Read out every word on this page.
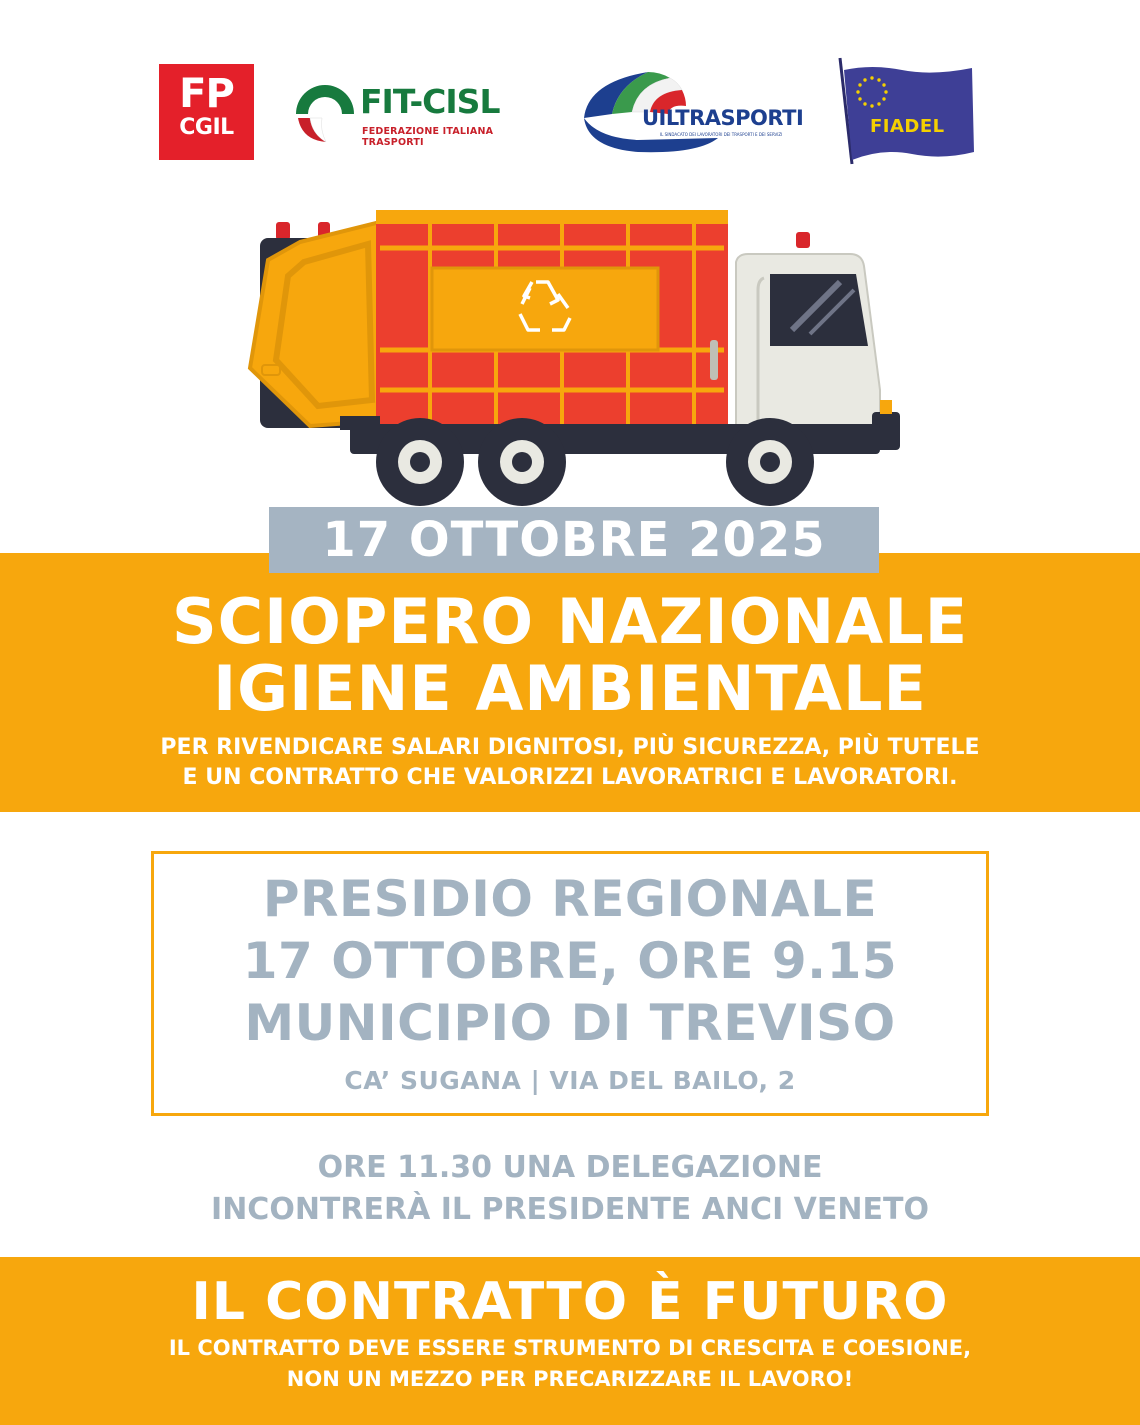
FP
CGIL
FIT-CISL
FEDERAZIONE ITALIANA TRASPORTI
UILTRASPORTI
IL SINDACATO DEI LAVORATORI DEI TRASPORTI E DEI SERVIZI	FIADEL
17 OTTOBRE 2025
SCIOPERO NAZIONALE
IGIENE AMBIENTALE
PER RIVENDICARE SALARI DIGNITOSI, PIÙ SICUREZZA, PIÙ TUTELE
E UN CONTRATTO CHE VALORIZZI LAVORATRICI E LAVORATORI.
PRESIDIO REGIONALE
17 OTTOBRE, ORE 9.15
MUNICIPIO DI TREVISO
CA’ SUGANA | VIA DEL BAILO, 2
ORE 11.30 UNA DELEGAZIONE
INCONTRERÀ IL PRESIDENTE ANCI VENETO
IL CONTRATTO È FUTURO
IL CONTRATTO DEVE ESSERE STRUMENTO DI CRESCITA E COESIONE,
NON UN MEZZO PER PRECARIZZARE IL LAVORO!
